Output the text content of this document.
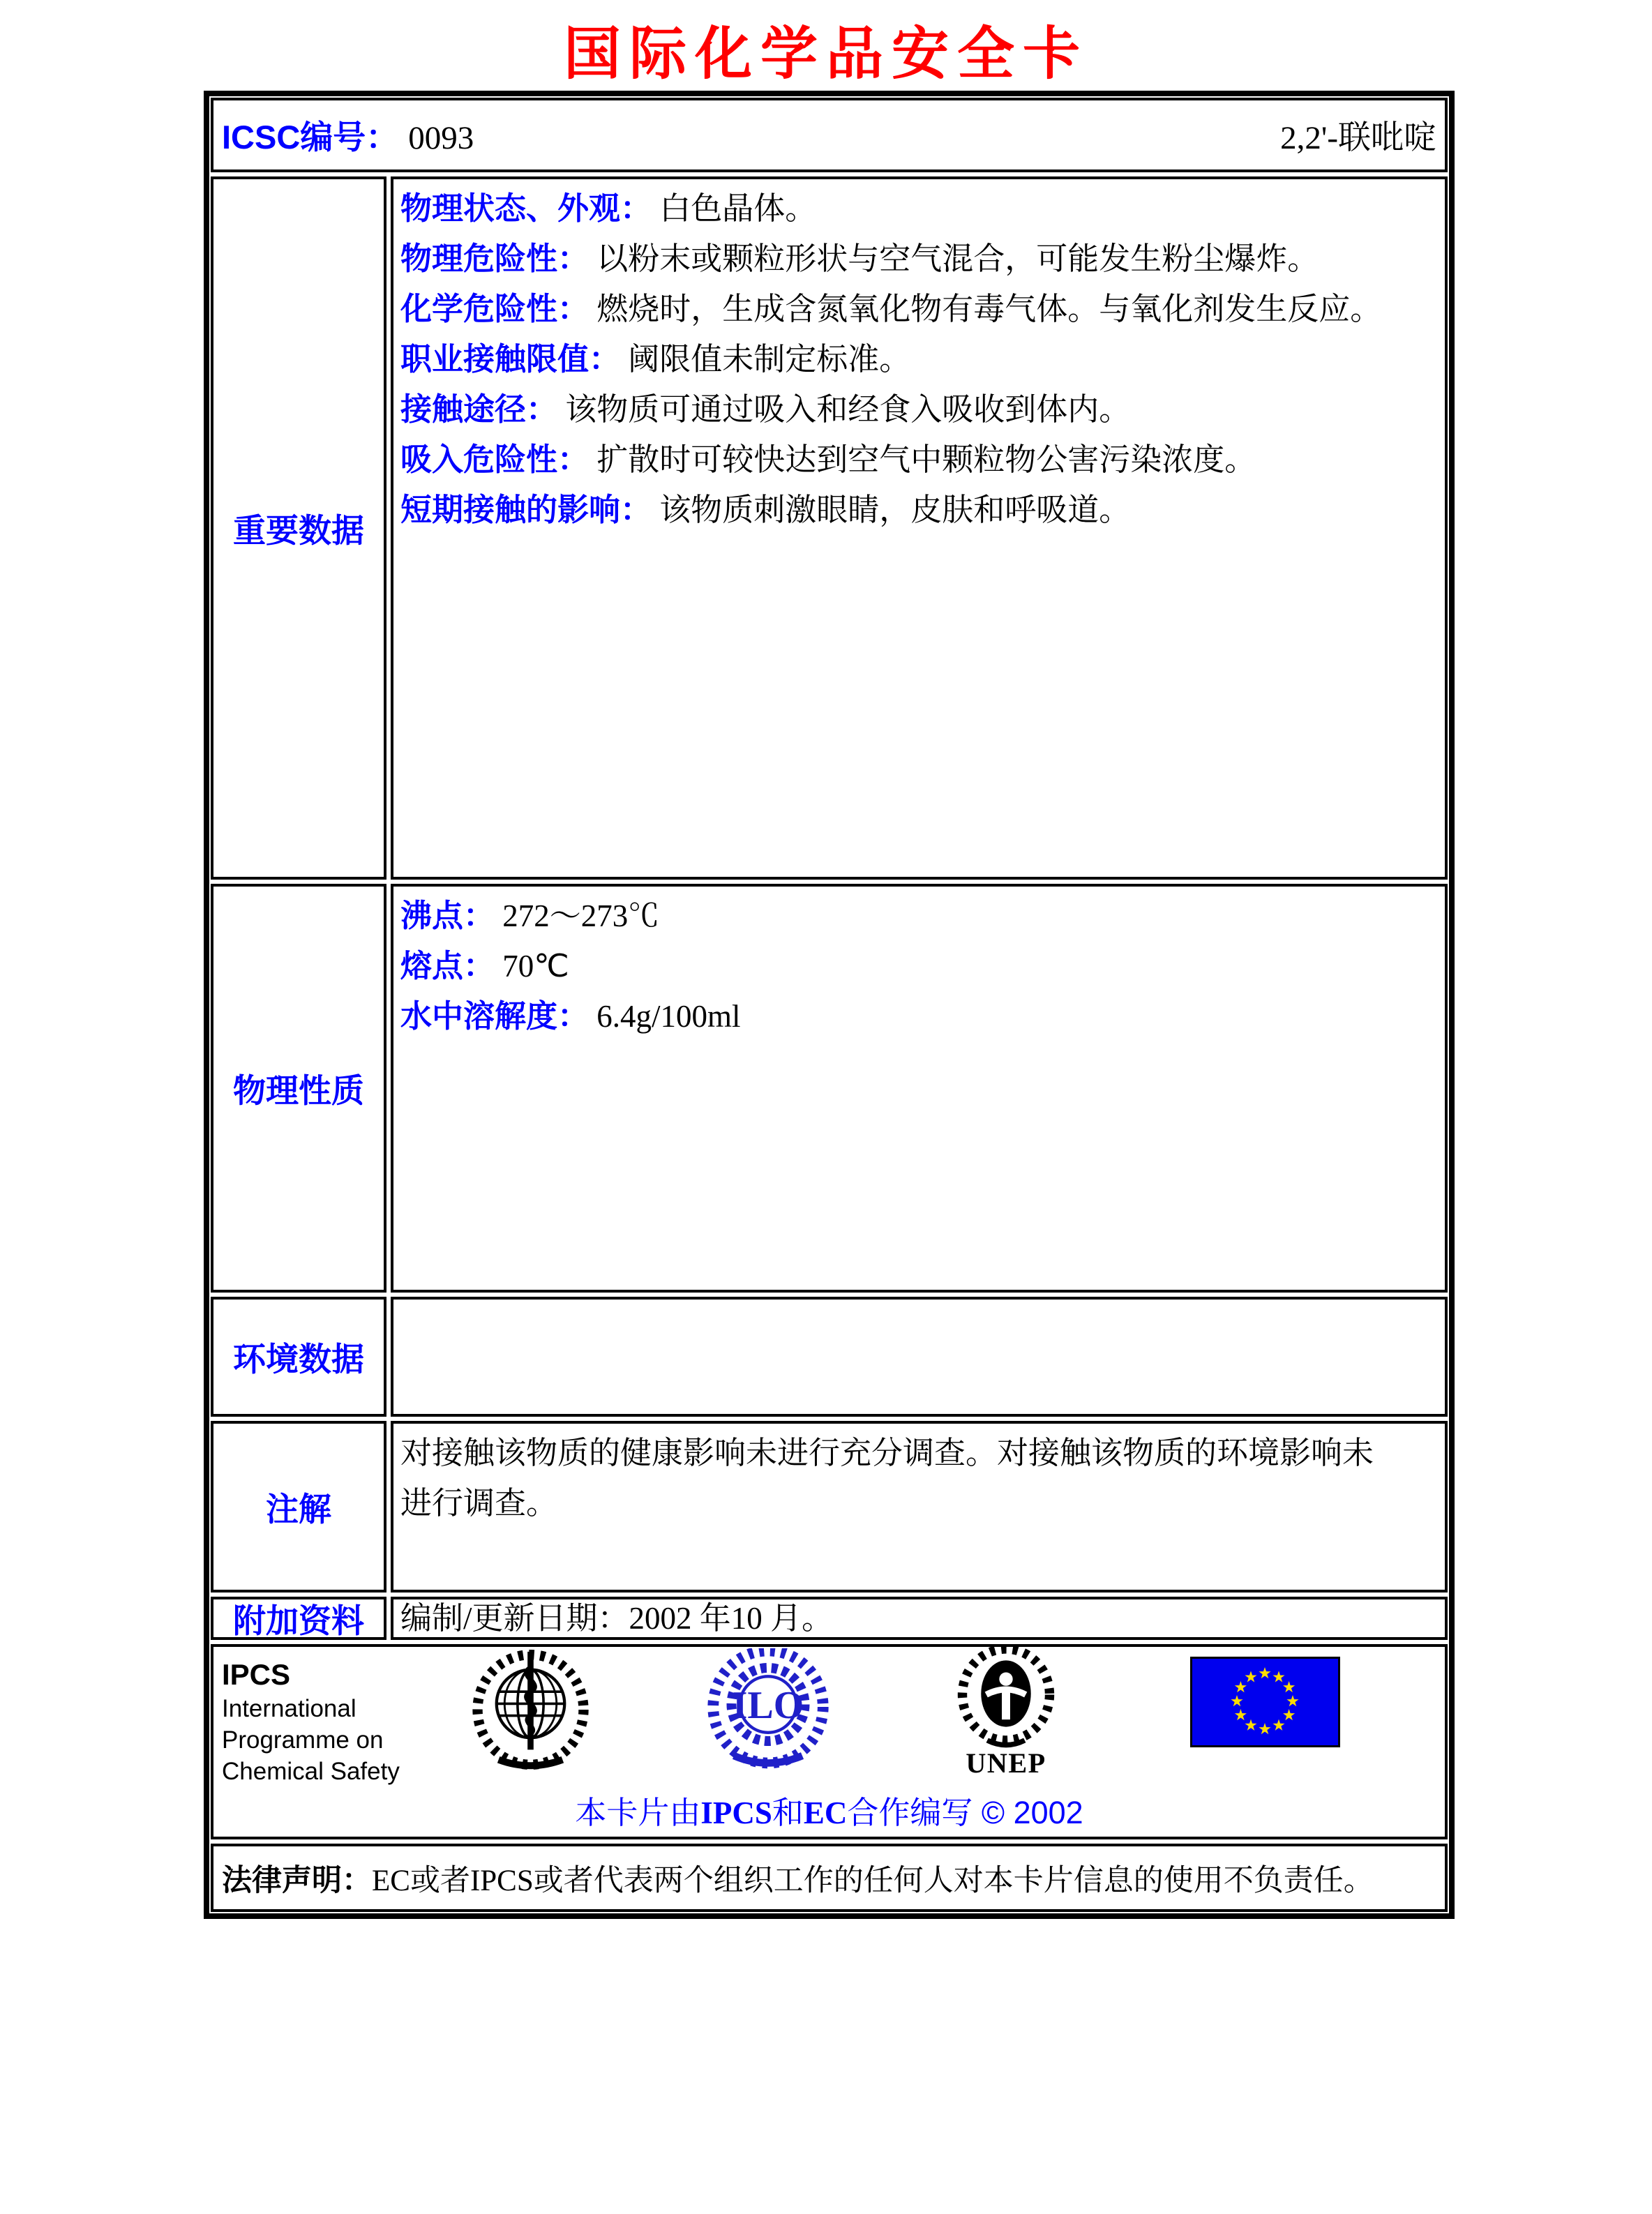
国际化学品安全卡
ICSC编号： 0093	2,2'-联吡啶
重要数据
物理状态、外观： 白色晶体。
物理危险性： 以粉末或颗粒形状与空气混合，可能发生粉尘爆炸。
化学危险性： 燃烧时，生成含氮氧化物有毒气体。与氧化剂发生反应。
职业接触限值： 阈限值未制定标准。
接触途径： 该物质可通过吸入和经食入吸收到体内。
吸入危险性： 扩散时可较快达到空气中颗粒物公害污染浓度。
短期接触的影响： 该物质刺激眼睛，皮肤和呼吸道。
物理性质
沸点： 272～273℃
熔点： 70℃
水中溶解度： 6.4g/100ml
环境数据
注解
对接触该物质的健康影响未进行充分调查。对接触该物质的环境影响未
进行调查。
附加资料	编制/更新日期：2002 年10 月。
IPCS
International
Programme on
Chemical Safety
ILO
UNEP
本卡片由IPCS和EC合作编写 © 2002
法律声明： EC或者IPCS或者代表两个组织工作的任何人对本卡片信息的使用不负责任。
